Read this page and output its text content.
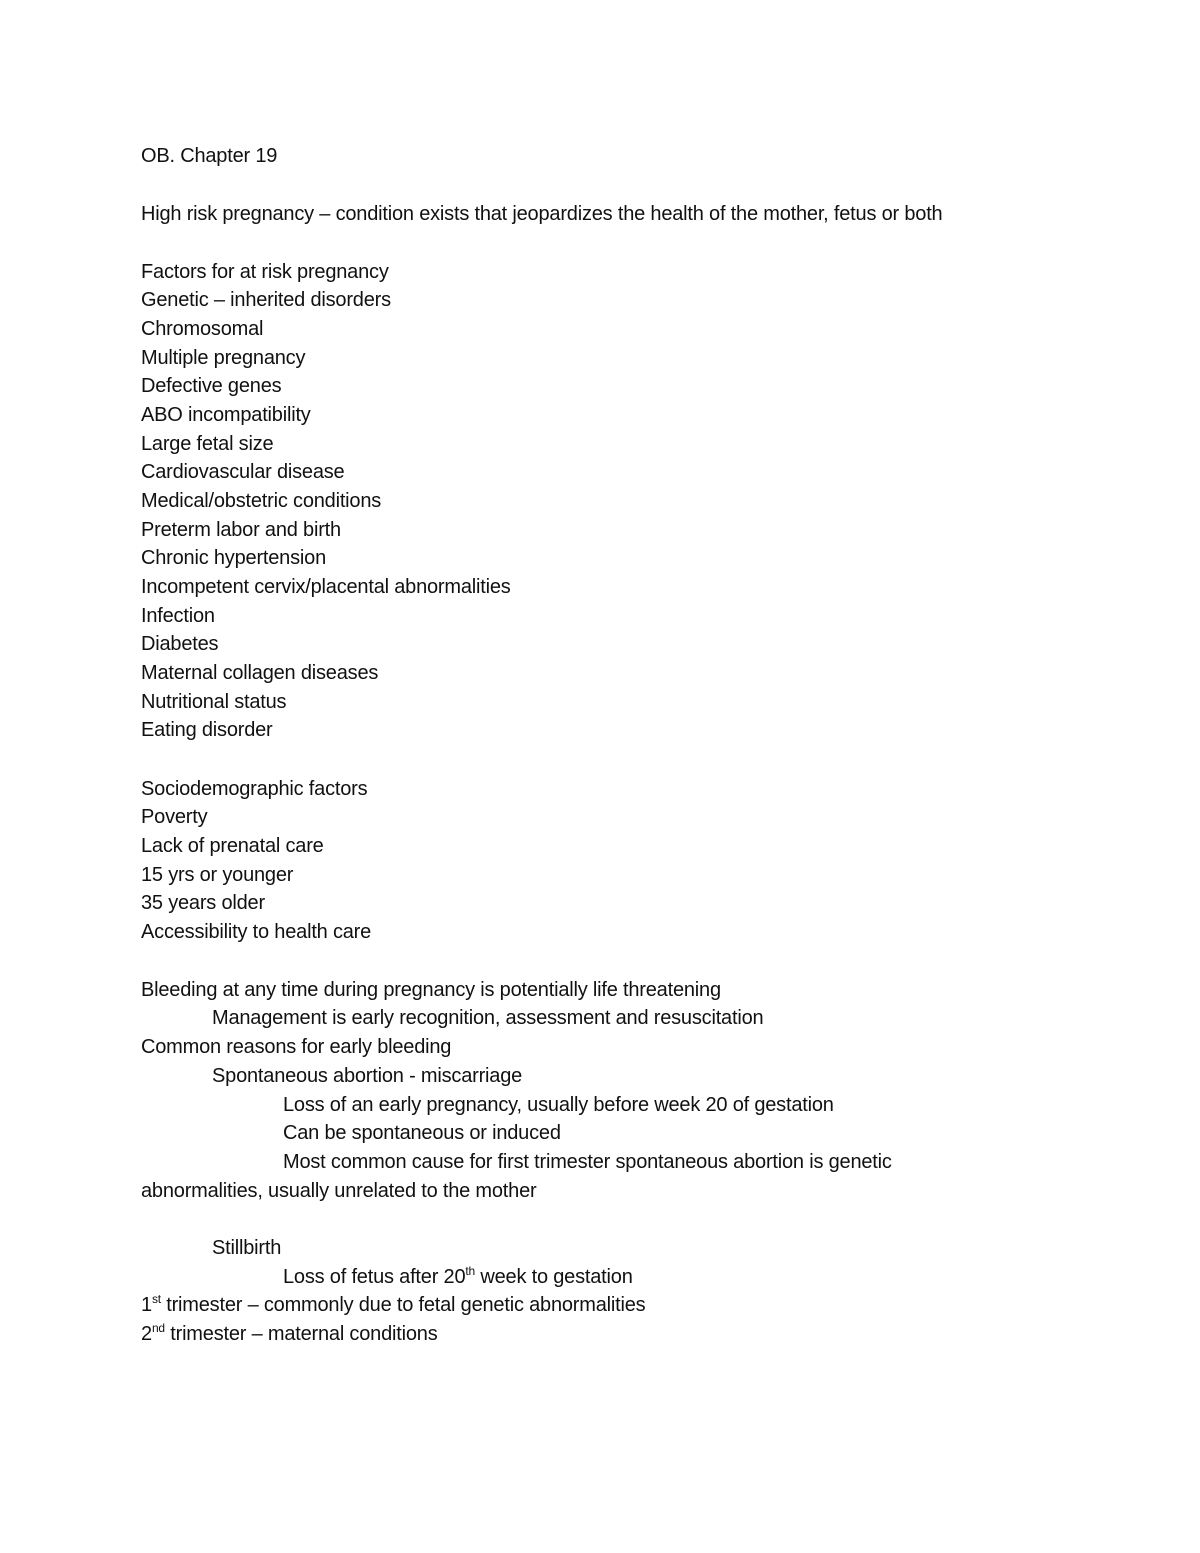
OB. Chapter 19
High risk pregnancy – condition exists that jeopardizes the health of the mother, fetus or both
Factors for at risk pregnancy
Genetic – inherited disorders
Chromosomal
Multiple pregnancy
Defective genes
ABO incompatibility
Large fetal size
Cardiovascular disease
Medical/obstetric conditions
Preterm labor and birth
Chronic hypertension
Incompetent cervix/placental abnormalities
Infection
Diabetes
Maternal collagen diseases
Nutritional status
Eating disorder
Sociodemographic factors
Poverty
Lack of prenatal care
15 yrs or younger
35 years older
Accessibility to health care
Bleeding at any time during pregnancy is potentially life threatening
Management is early recognition, assessment and resuscitation
Common reasons for early bleeding
Spontaneous abortion - miscarriage
Loss of an early pregnancy, usually before week 20 of gestation
Can be spontaneous or induced
Most common cause for first trimester spontaneous abortion is genetic
abnormalities, usually unrelated to the mother
Stillbirth
Loss of fetus after 20th week to gestation
1st trimester – commonly due to fetal genetic abnormalities
2nd trimester – maternal conditions
